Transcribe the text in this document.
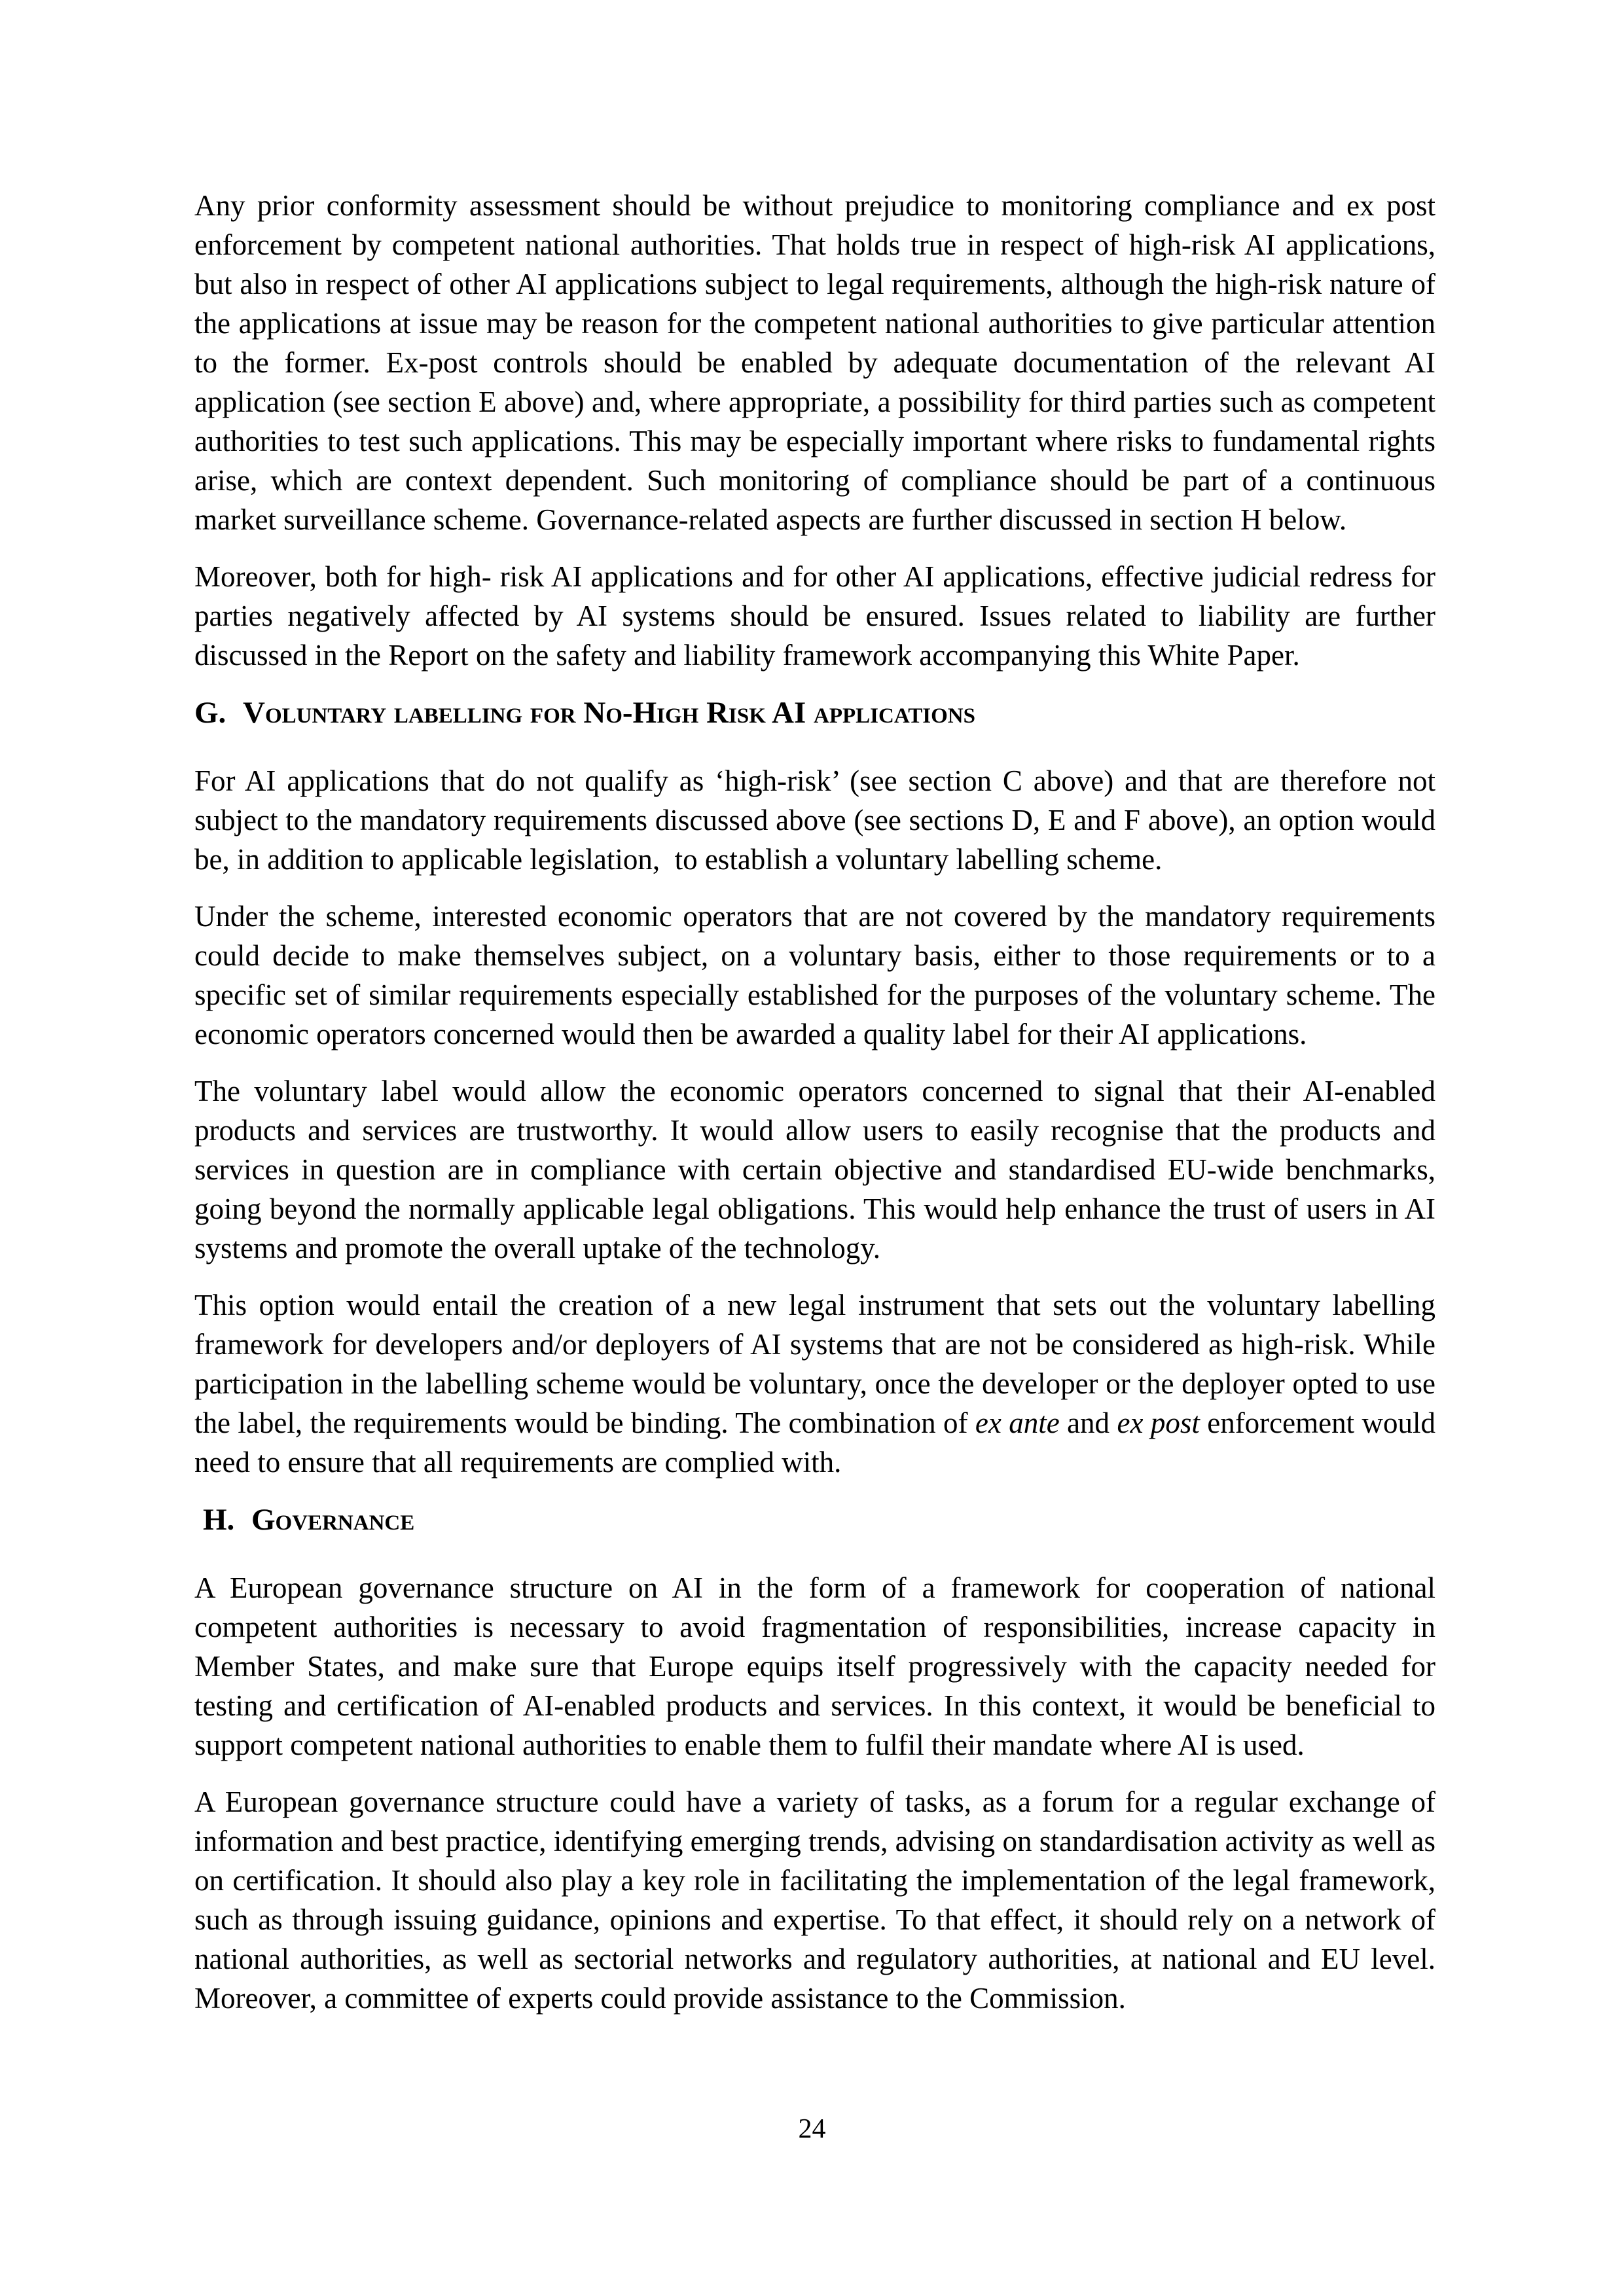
Any prior conformity assessment should be without prejudice to monitoring compliance and ex post enforcement by competent national authorities. That holds true in respect of high-risk AI applications, but also in respect of other AI applications subject to legal requirements, although the high-risk nature of the applications at issue may be reason for the competent national authorities to give particular attention to the former. Ex-post controls should be enabled by adequate documentation of the relevant AI application (see section E above) and, where appropriate, a possibility for third parties such as competent authorities to test such applications. This may be especially important where risks to fundamental rights arise, which are context dependent. Such monitoring of compliance should be part of a continuous market surveillance scheme. Governance-related aspects are further discussed in section H below.

Moreover, both for high- risk AI applications and for other AI applications, effective judicial redress for parties negatively affected by AI systems should be ensured. Issues related to liability are further discussed in the Report on the safety and liability framework accompanying this White Paper.

G. Voluntary labelling for No-High Risk AI applications

For AI applications that do not qualify as ‘high-risk’ (see section C above) and that are therefore not subject to the mandatory requirements discussed above (see sections D, E and F above), an option would be, in addition to applicable legislation,  to establish a voluntary labelling scheme.

Under the scheme, interested economic operators that are not covered by the mandatory requirements could decide to make themselves subject, on a voluntary basis, either to those requirements or to a specific set of similar requirements especially established for the purposes of the voluntary scheme. The economic operators concerned would then be awarded a quality label for their AI applications.

The voluntary label would allow the economic operators concerned to signal that their AI-enabled products and services are trustworthy. It would allow users to easily recognise that the products and services in question are in compliance with certain objective and standardised EU-wide benchmarks, going beyond the normally applicable legal obligations. This would help enhance the trust of users in AI systems and promote the overall uptake of the technology.

This option would entail the creation of a new legal instrument that sets out the voluntary labelling framework for developers and/or deployers of AI systems that are not be considered as high-risk. While participation in the labelling scheme would be voluntary, once the developer or the deployer opted to use the label, the requirements would be binding. The combination of ex ante and ex post enforcement would need to ensure that all requirements are complied with.

H. Governance

A European governance structure on AI in the form of a framework for cooperation of national competent authorities is necessary to avoid fragmentation of responsibilities, increase capacity in Member States, and make sure that Europe equips itself progressively with the capacity needed for testing and certification of AI-enabled products and services. In this context, it would be beneficial to support competent national authorities to enable them to fulfil their mandate where AI is used.

A European governance structure could have a variety of tasks, as a forum for a regular exchange of information and best practice, identifying emerging trends, advising on standardisation activity as well as on certification. It should also play a key role in facilitating the implementation of the legal framework, such as through issuing guidance, opinions and expertise. To that effect, it should rely on a network of national authorities, as well as sectorial networks and regulatory authorities, at national and EU level. Moreover, a committee of experts could provide assistance to the Commission.

24
